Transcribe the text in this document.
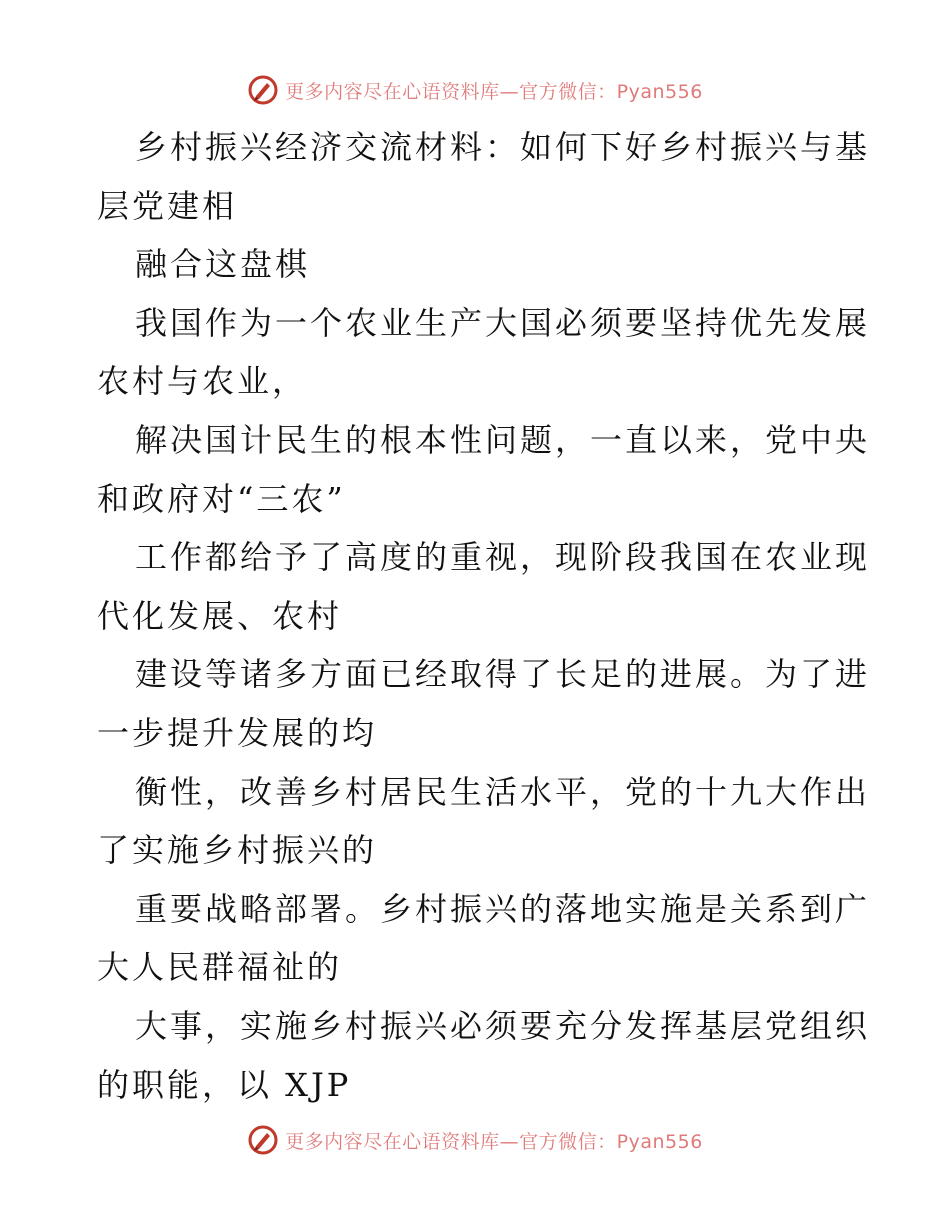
更多内容尽在心语资料库—官方微信：Pyan556
乡村振兴经济交流材料：如何下好乡村振兴与基
层党建相
融合这盘棋
我国作为一个农业生产大国必须要坚持优先发展
农村与农业，
解决国计民生的根本性问题，一直以来，党中央
和政府对“三农”
工作都给予了高度的重视，现阶段我国在农业现
代化发展、农村
建设等诸多方面已经取得了长足的进展。为了进
一步提升发展的均
衡性，改善乡村居民生活水平，党的十九大作出
了实施乡村振兴的
重要战略部署。乡村振兴的落地实施是关系到广
大人民群福祉的
大事，实施乡村振兴必须要充分发挥基层党组织
的职能，以 XJP
更多内容尽在心语资料库—官方微信：Pyan556
